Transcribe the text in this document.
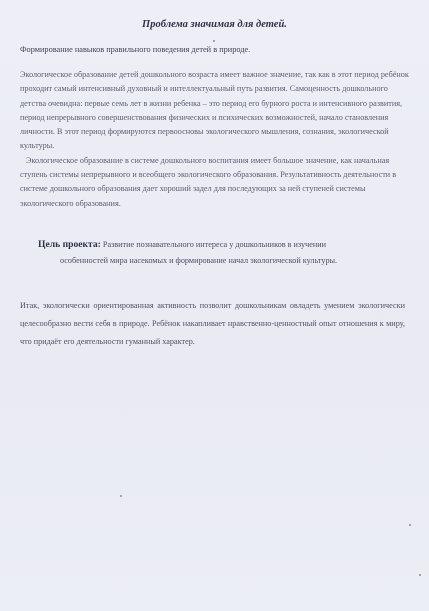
Проблема значимая для детей.

Формирование навыков правильного поведения детей в природе.

Экологическое образование детей дошкольного возраста имеет важное значение, так как в этот период ребёнок проходит самый интенсивный духовный и интеллектуальный путь развития. Самоценность дошкольного детства очевидна: первые семь лет в жизни ребенка – это период его бурного роста и интенсивного развития, период непрерывного совершенствования физических и психических возможностей, начало становления личности. В этот период формируются первоосновы экологического мышления, сознания, экологической культуры.

Экологическое образование в системе дошкольного воспитания имеет большое значение, как начальная ступень системы непрерывного и всеобщего экологического образования. Результативность деятельности в системе дошкольного образования дает хороший задел для последующих за ней ступеней системы экологического образования.

Цель проекта: Развитие познавательного интереса у дошкольников в изучении
особенностей мира насекомых и формирование начал экологической культуры.

Итак, экологически ориентированная активность позволит дошкольникам овладеть умением экологически целесообразно вести себя в природе. Ребёнок накапливает нравственно-ценностный опыт отношения к миру, что придаёт его деятельности гуманный характер.
